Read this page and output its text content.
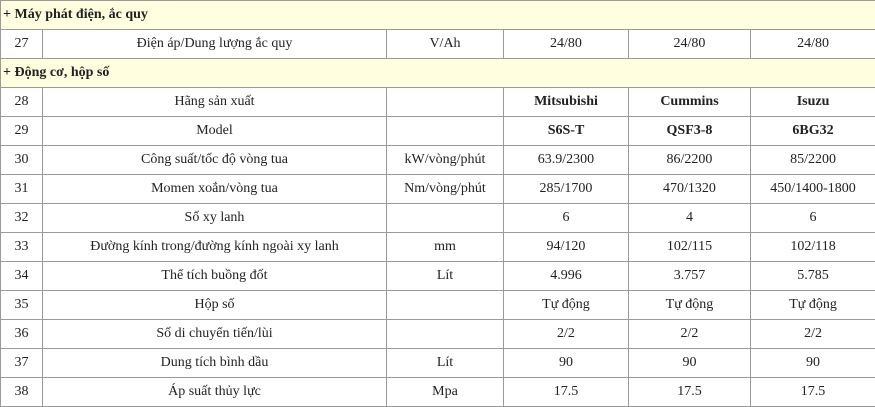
+ Máy phát điện, ắc quy					
27	Điện áp/Dung lượng ắc quy	V/Ah	24/80	24/80	24/80
+ Động cơ, hộp số					
28	Hãng sản xuất		Mitsubishi	Cummins	Isuzu
29	Model		S6S-T	QSF3-8	6BG32
30	Công suất/tốc độ vòng tua	kW/vòng/phút	63.9/2300	86/2200	85/2200
31	Momen xoắn/vòng tua	Nm/vòng/phút	285/1700	470/1320	450/1400-1800
32	Số xy lanh		6	4	6
33	Đường kính trong/đường kính ngoài xy lanh	mm	94/120	102/115	102/118
34	Thể tích buồng đốt	Lít	4.996	3.757	5.785
35	Hộp số		Tự động	Tự động	Tự động
36	Số di chuyển tiến/lùi		2/2	2/2	2/2
37	Dung tích bình dầu	Lít	90	90	90
38	Áp suất thủy lực	Mpa	17.5	17.5	17.5
